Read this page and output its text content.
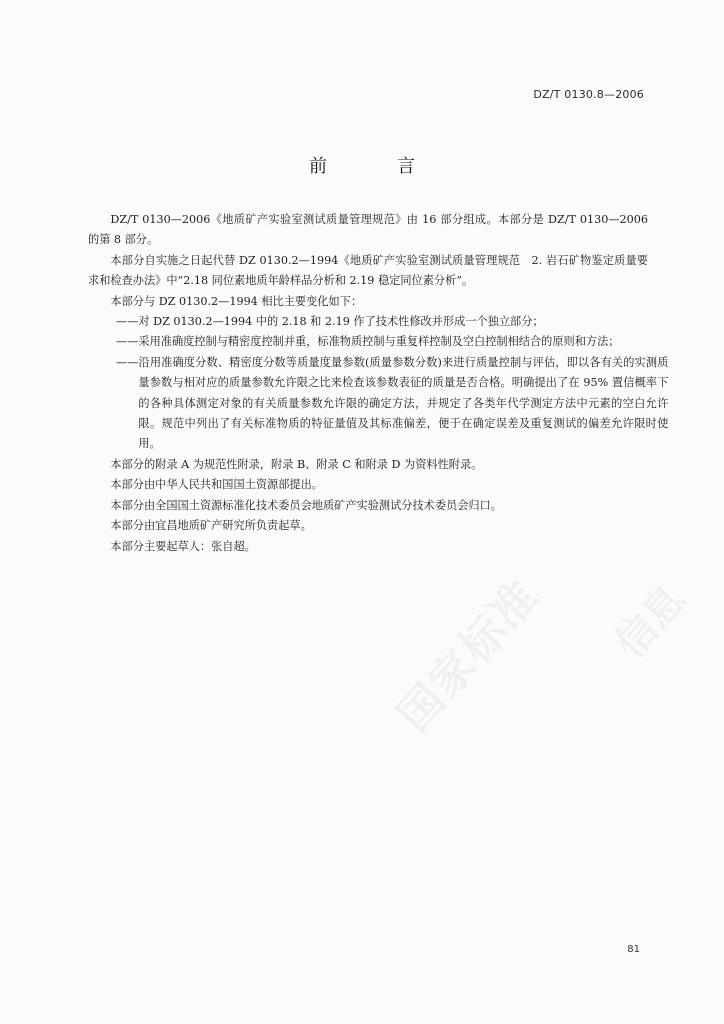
国家标准 信息
DZ/T 0130.8—2006
前　言

DZ/T 0130—2006《地质矿产实验室测试质量管理规范》由 16 部分组成。本部分是 DZ/T 0130—2006 的第 8 部分。

本部分自实施之日起代替 DZ 0130.2—1994《地质矿产实验室测试质量管理规范　2. 岩石矿物鉴定质量要求和检查办法》中“2.18 同位素地质年龄样品分析和 2.19 稳定同位素分析”。

本部分与 DZ 0130.2—1994 相比主要变化如下：

——对 DZ 0130.2—1994 中的 2.18 和 2.19 作了技术性修改并形成一个独立部分；

——采用准确度控制与精密度控制并重，标准物质控制与重复样控制及空白控制相结合的原则和方法；

——沿用准确度分数、精密度分数等质量度量参数(质量参数分数)来进行质量控制与评估，即以各有关的实测质量参数与相对应的质量参数允许限之比来检查该参数表征的质量是否合格。明确提出了在 95% 置信概率下的各种具体测定对象的有关质量参数允许限的确定方法，并规定了各类年代学测定方法中元素的空白允许限。规范中列出了有关标准物质的特征量值及其标准偏差，便于在确定误差及重复测试的偏差允许限时使用。

本部分的附录 A 为规范性附录，附录 B、附录 C 和附录 D 为资料性附录。

本部分由中华人民共和国国土资源部提出。

本部分由全国国土资源标准化技术委员会地质矿产实验测试分技术委员会归口。

本部分由宜昌地质矿产研究所负责起草。

本部分主要起草人：张自超。

81
